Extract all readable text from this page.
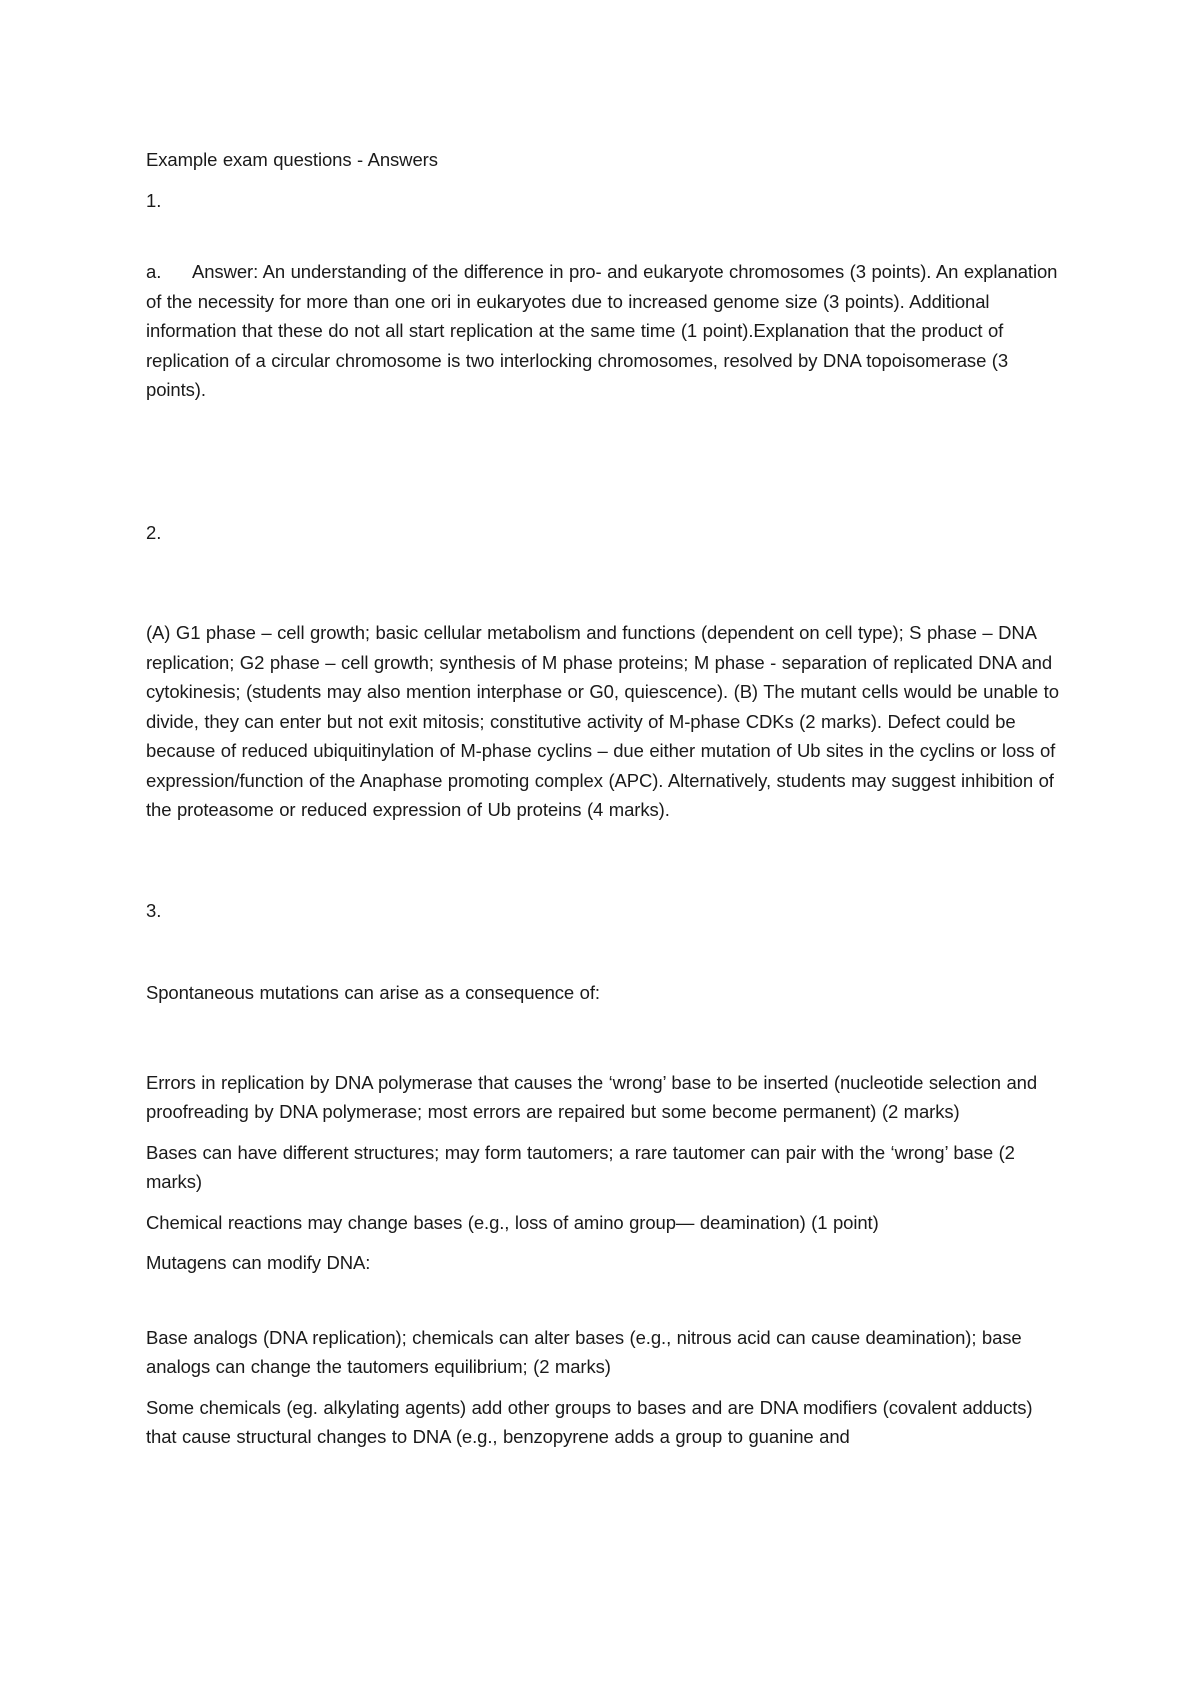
Example exam questions - Answers

1.

a. Answer: An understanding of the difference in pro- and eukaryote chromosomes (3 points). An explanation of the necessity for more than one ori in eukaryotes due to increased genome size (3 points). Additional information that these do not all start replication at the same time (1 point).Explanation that the product of replication of a circular chromosome is two interlocking chromosomes, resolved by DNA topoisomerase (3 points).

2.

(A) G1 phase – cell growth; basic cellular metabolism and functions (dependent on cell type); S phase – DNA replication; G2 phase – cell growth; synthesis of M phase proteins; M phase - separation of replicated DNA and cytokinesis; (students may also mention interphase or G0, quiescence). (B) The mutant cells would be unable to divide, they can enter but not exit mitosis; constitutive activity of M-phase CDKs (2 marks). Defect could be because of reduced ubiquitinylation of M-phase cyclins – due either mutation of Ub sites in the cyclins or loss of expression/function of the Anaphase promoting complex (APC). Alternatively, students may suggest inhibition of the proteasome or reduced expression of Ub proteins (4 marks).

3.

Spontaneous mutations can arise as a consequence of:

Errors in replication by DNA polymerase that causes the ‘wrong’ base to be inserted (nucleotide selection and proofreading by DNA polymerase; most errors are repaired but some become permanent) (2 marks)

Bases can have different structures; may form tautomers; a rare tautomer can pair with the ‘wrong’ base (2 marks)

Chemical reactions may change bases (e.g., loss of amino group— deamination) (1 point)

Mutagens can modify DNA:

Base analogs (DNA replication); chemicals can alter bases (e.g., nitrous acid can cause deamination); base analogs can change the tautomers equilibrium; (2 marks)

Some chemicals (eg. alkylating agents) add other groups to bases and are DNA modifiers (covalent adducts) that cause structural changes to DNA (e.g., benzopyrene adds a group to guanine and
